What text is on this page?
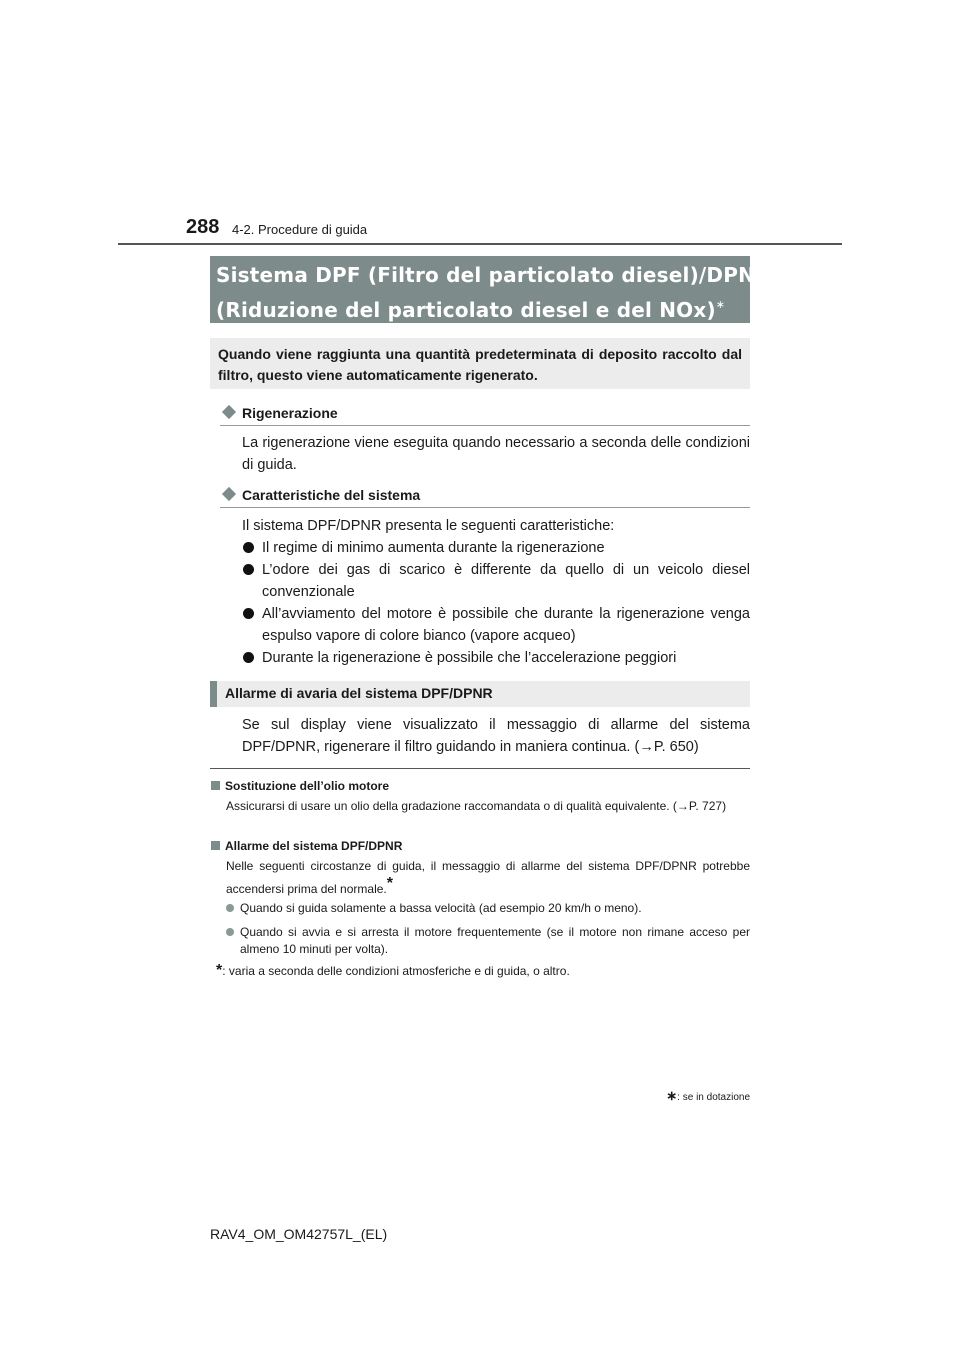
288 4-2. Procedure di guida
Sistema DPF (Filtro del particolato diesel)/DPNR
(Riduzione del particolato diesel e del NOx)∗
Quando viene raggiunta una quantità predeterminata di deposito raccolto dal filtro, questo viene automaticamente rigenerato.
Rigenerazione
La rigenerazione viene eseguita quando necessario a seconda delle condizioni di guida.
Caratteristiche del sistema
Il sistema DPF/DPNR presenta le seguenti caratteristiche:
Il regime di minimo aumenta durante la rigenerazione
L’odore dei gas di scarico è differente da quello di un veicolo diesel convenzionale
All’avviamento del motore è possibile che durante la rigenerazione venga espulso vapore di colore bianco (vapore acqueo)
Durante la rigenerazione è possibile che l’accelerazione peggiori
Allarme di avaria del sistema DPF/DPNR
Se sul display viene visualizzato il messaggio di allarme del sistema DPF/DPNR, rigenerare il filtro guidando in maniera continua. (→P. 650)
Sostituzione dell’olio motore
Assicurarsi di usare un olio della gradazione raccomandata o di qualità equivalente. (→P. 727)
Allarme del sistema DPF/DPNR
Nelle seguenti circostanze di guida, il messaggio di allarme del sistema DPF/DPNR potrebbe accendersi prima del normale.*
Quando si guida solamente a bassa velocità (ad esempio 20 km/h o meno).
Quando si avvia e si arresta il motore frequentemente (se il motore non rimane acceso per almeno 10 minuti per volta).
*: varia a seconda delle condizioni atmosferiche e di guida, o altro.
∗: se in dotazione
RAV4_OM_OM42757L_(EL)
